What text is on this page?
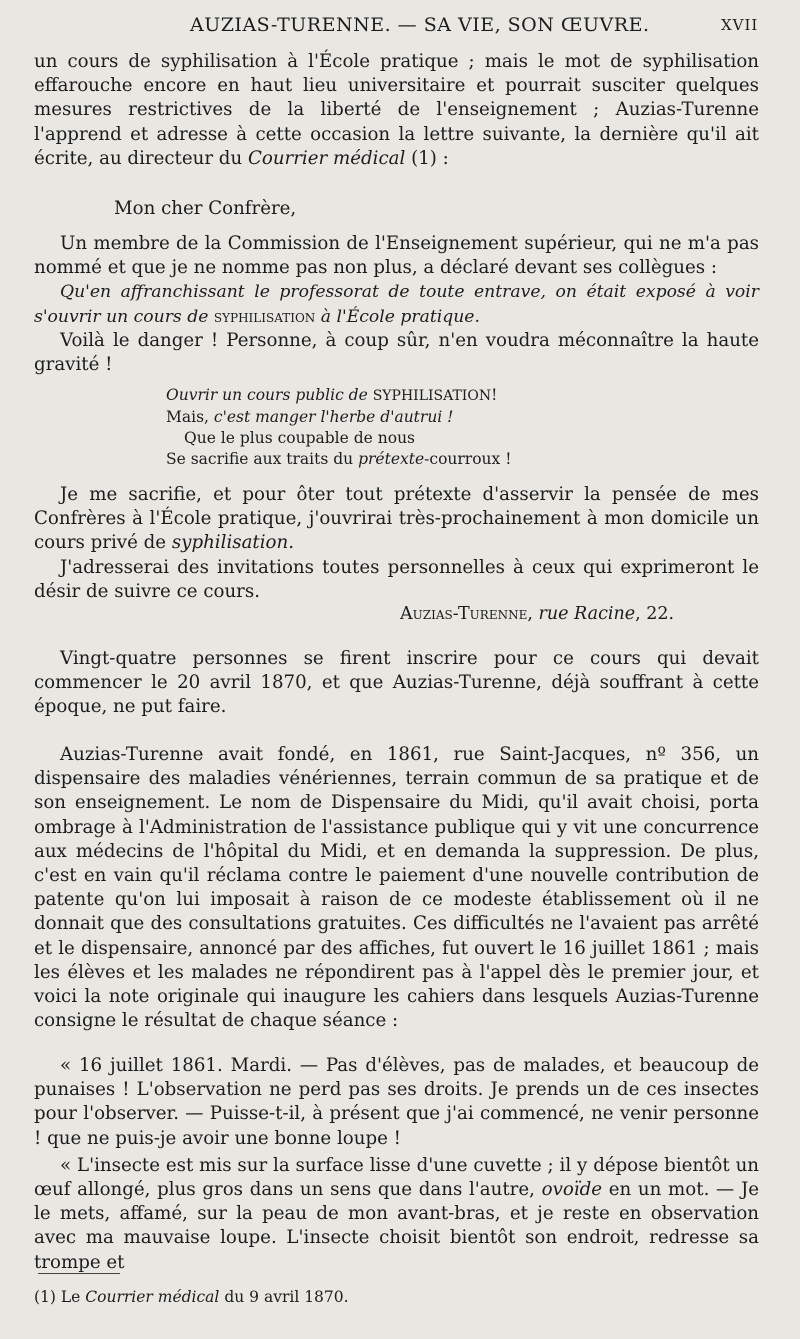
AUZIAS-TURENNE. — SA VIE, SON ŒUVRE.	XVII

un cours de syphilisation à l'École pratique ; mais le mot de syphilisation effarouche encore en haut lieu universitaire et pourrait susciter quelques mesures restrictives de la liberté de l'enseignement ; Auzias-Turenne l'apprend et adresse à cette occasion la lettre suivante, la dernière qu'il ait écrite, au directeur du Courrier médical (1) :

Mon cher Confrère,

Un membre de la Commission de l'Enseignement supérieur, qui ne m'a pas nommé et que je ne nomme pas non plus, a déclaré devant ses collègues :

Qu'en affranchissant le professorat de toute entrave, on était exposé à voir s'ouvrir un cours de syphilisation à l'École pratique.

Voilà le danger ! Personne, à coup sûr, n'en voudra méconnaître la haute gravité !

Ouvrir un cours public de SYPHILISATION!
Mais, c'est manger l'herbe d'autrui !
Que le plus coupable de nous
Se sacrifie aux traits du prétexte-courroux !

Je me sacrifie, et pour ôter tout prétexte d'asservir la pensée de mes Confrères à l'École pratique, j'ouvrirai très-prochainement à mon domicile un cours privé de syphilisation.

J'adresserai des invitations toutes personnelles à ceux qui exprimeront le désir de suivre ce cours.

Auzias-Turenne, rue Racine, 22.

Vingt-quatre personnes se firent inscrire pour ce cours qui devait commencer le 20 avril 1870, et que Auzias-Turenne, déjà souffrant à cette époque, ne put faire.

Auzias-Turenne avait fondé, en 1861, rue Saint-Jacques, nº 356, un dispensaire des maladies vénériennes, terrain commun de sa pratique et de son enseignement. Le nom de Dispensaire du Midi, qu'il avait choisi, porta ombrage à l'Administration de l'assistance publique qui y vit une concurrence aux médecins de l'hôpital du Midi, et en demanda la suppression. De plus, c'est en vain qu'il réclama contre le paiement d'une nouvelle contribution de patente qu'on lui imposait à raison de ce modeste établissement où il ne donnait que des consultations gratuites. Ces difficultés ne l'avaient pas arrêté et le dispensaire, annoncé par des affiches, fut ouvert le 16 juillet 1861 ; mais les élèves et les malades ne répondirent pas à l'appel dès le premier jour, et voici la note originale qui inaugure les cahiers dans lesquels Auzias-Turenne consigne le résultat de chaque séance :

« 16 juillet 1861. Mardi. — Pas d'élèves, pas de malades, et beaucoup de punaises ! L'observation ne perd pas ses droits. Je prends un de ces insectes pour l'observer. — Puisse-t-il, à présent que j'ai commencé, ne venir personne ! que ne puis-je avoir une bonne loupe !

« L'insecte est mis sur la surface lisse d'une cuvette ; il y dépose bientôt un œuf allongé, plus gros dans un sens que dans l'autre, ovoïde en un mot. — Je le mets, affamé, sur la peau de mon avant-bras, et je reste en observation avec ma mauvaise loupe. L'insecte choisit bientôt son endroit, redresse sa trompe et

(1) Le Courrier médical du 9 avril 1870.
